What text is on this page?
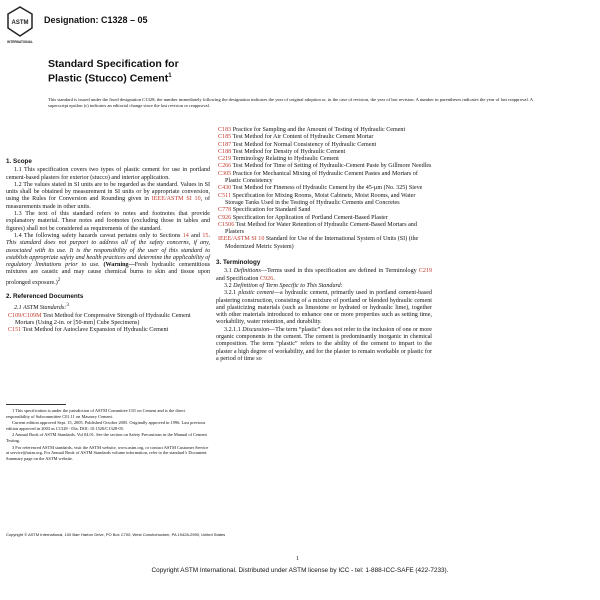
ASTM
INTERNATIONAL
Designation: C1328 – 05
Standard Specification for
Plastic (Stucco) Cement$^1$
This standard is issued under the fixed designation C1328; the number immediately following the designation indicates the year of original adoption or, in the case of revision, the year of last revision. A number in parentheses indicates the year of last reapproval. A superscript epsilon (ε) indicates an editorial change since the last revision or reapproval.

1. Scope

1.1 This specification covers two types of plastic cement for use in portland cement-based plasters for exterior (stucco) and interior application.

1.2 The values stated in SI units are to be regarded as the standard. Values in SI units shall be obtained by measurement in SI units or by appropriate conversion, using the Rules for Conversion and Rounding given in IEEE/ASTM SI 10, of measurements made in other units.

1.3 The text of this standard refers to notes and footnotes that provide explanatory material. These notes and footnotes (excluding those in tables and figures) shall not be considered as requirements of the standard.

1.4 The following safety hazards caveat pertains only to Sections 14 and 15. This standard does not purport to address all of the safety concerns, if any, associated with its use. It is the responsibility of the user of this standard to establish appropriate safety and health practices and determine the applicability of regulatory limitations prior to use. (Warning—Fresh hydraulic cementitious mixtures are caustic and may cause chemical burns to skin and tissue upon prolonged exposure.)$^2$

2. Referenced Documents

2.1 ASTM Standards:$^3$

C109/C109M Test Method for Compressive Strength of Hydraulic Cement Mortars (Using 2-in. or [50-mm] Cube Specimens)

C151 Test Method for Autoclave Expansion of Hydraulic Cement

1 This specification is under the jurisdiction of ASTM Committee C01 on Cement and is the direct responsibility of Subcommittee C01.11 on Masonry Cement.

Current edition approved Sept. 15, 2005. Published October 2005. Originally approved in 1996. Last previous edition approved in 2003 as C1328 - 03a. DOI: 10.1520/C1328-05.

2 Annual Book of ASTM Standards, Vol 04.01. See the section on Safety Precautions in the Manual of Cement Testing.

3 For referenced ASTM standards, visit the ASTM website, www.astm.org, or contact ASTM Customer Service at service@astm.org. For Annual Book of ASTM Standards volume information, refer to the standard’s Document Summary page on the ASTM website.

C183 Practice for Sampling and the Amount of Testing of Hydraulic Cement

C185 Test Method for Air Content of Hydraulic Cement Mortar

C187 Test Method for Normal Consistency of Hydraulic Cement

C188 Test Method for Density of Hydraulic Cement

C219 Terminology Relating to Hydraulic Cement

C266 Test Method for Time of Setting of Hydraulic-Cement Paste by Gillmore Needles

C305 Practice for Mechanical Mixing of Hydraulic Cement Pastes and Mortars of Plastic Consistency

C430 Test Method for Fineness of Hydraulic Cement by the 45-µm (No. 325) Sieve

C511 Specification for Mixing Rooms, Moist Cabinets, Moist Rooms, and Water Storage Tanks Used in the Testing of Hydraulic Cements and Concretes

C778 Specification for Standard Sand

C926 Specification for Application of Portland Cement-Based Plaster

C1506 Test Method for Water Retention of Hydraulic Cement-Based Mortars and Plasters

IEEE/ASTM SI 10 Standard for Use of the International System of Units (SI) (the Modernized Metric System)

3. Terminology

3.1 Definitions—Terms used in this specification are defined in Terminology C219 and Specification C926.

3.2 Definition of Term Specific to This Standard:

3.2.1 plastic cement—a hydraulic cement, primarily used in portland cement-based plastering construction, consisting of a mixture of portland or blended hydraulic cement and plasticizing materials (such as limestone or hydrated or hydraulic lime), together with other materials introduced to enhance one or more properties such as setting time, workability, water retention, and durability.

3.2.1.1 Discussion—The term “plastic” does not refer to the inclusion of one or more organic components in the cement. The cement is predominantly inorganic in chemical composition. The term “plastic” refers to the ability of the cement to impart to the plaster a high degree of workability, and for the plaster to remain workable or plastic for a period of time so

Copyright © ASTM International, 100 Barr Harbor Drive, PO Box C700, West Conshohocken, PA 19428-2959, United States
1
Copyright ASTM International. Distributed under ASTM license by ICC - tel: 1-888-ICC-SAFE (422-7233).
